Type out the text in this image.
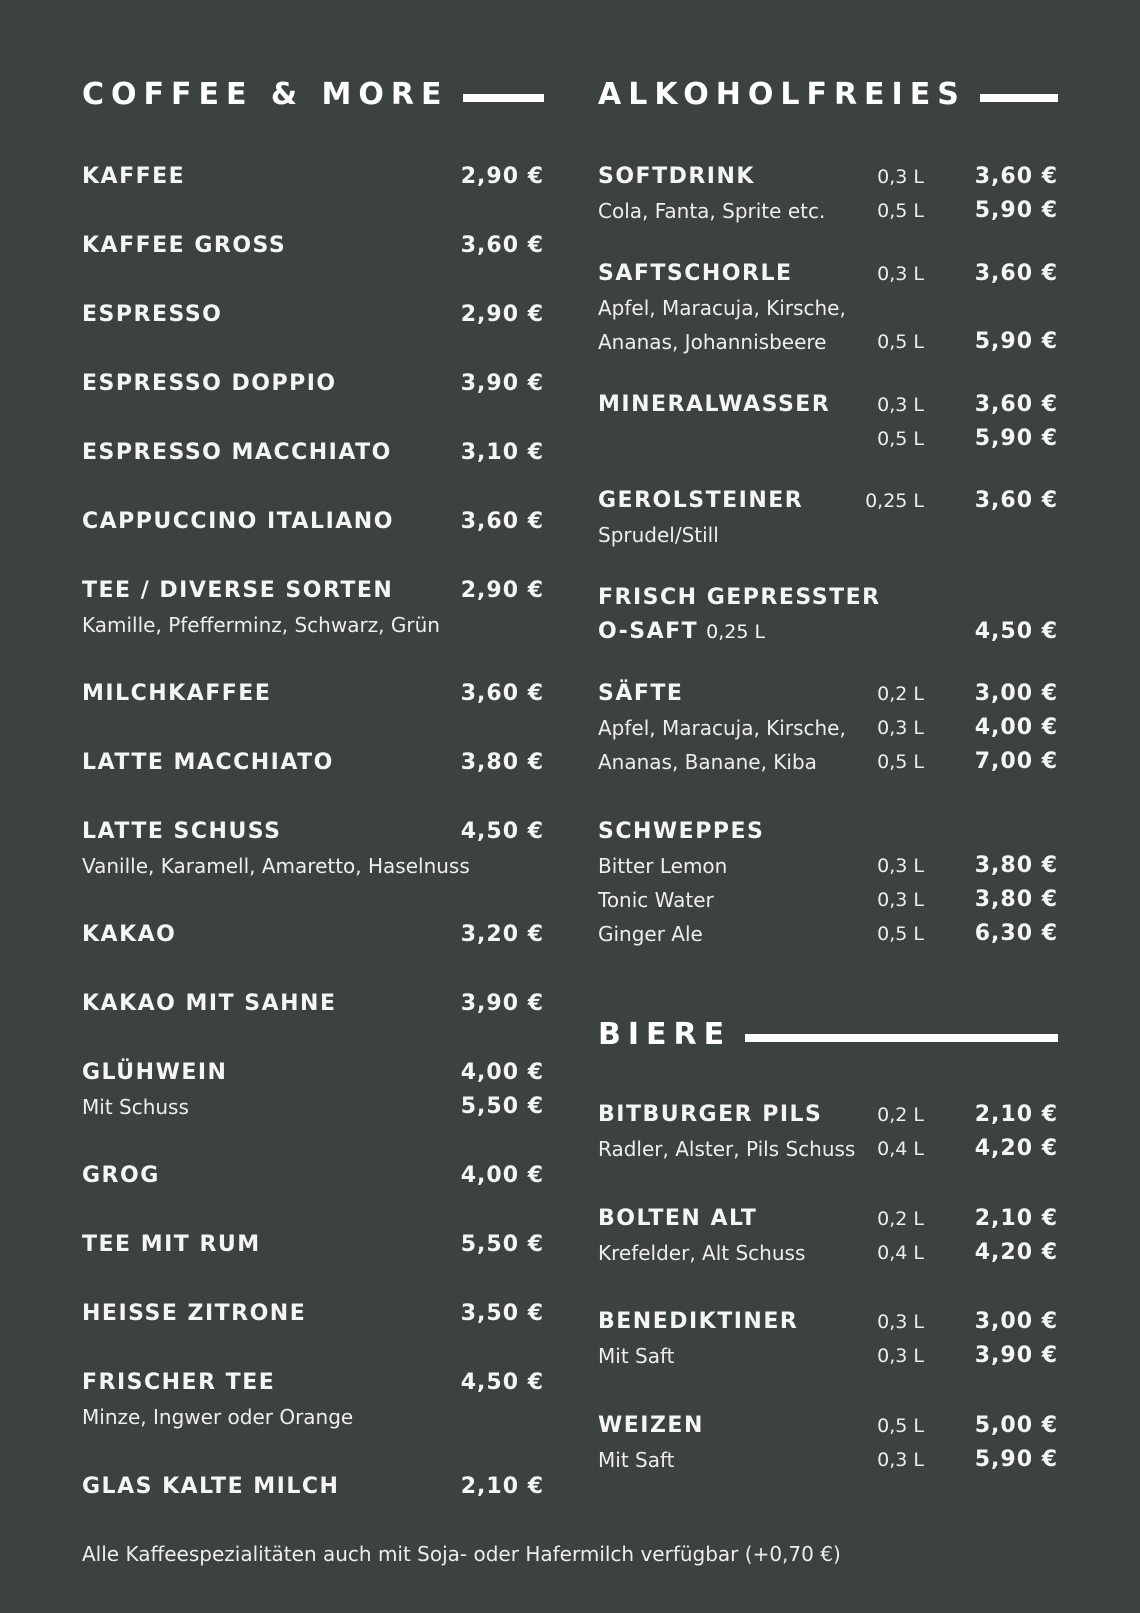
COFFEE & MORE
KAFFEE	2,90 €
KAFFEE GROSS	3,60 €
ESPRESSO	2,90 €
ESPRESSO DOPPIO	3,90 €
ESPRESSO MACCHIATO	3,10 €
CAPPUCCINO ITALIANO	3,60 €
TEE / DIVERSE SORTEN	2,90 €
Kamille, Pfefferminz, Schwarz, Grün
MILCHKAFFEE	3,60 €
LATTE MACCHIATO	3,80 €
LATTE SCHUSS	4,50 €
Vanille, Karamell, Amaretto, Haselnuss
KAKAO	3,20 €
KAKAO MIT SAHNE	3,90 €
GLÜHWEIN	4,00 €
Mit Schuss	5,50 €
GROG	4,00 €
TEE MIT RUM	5,50 €
HEISSE ZITRONE	3,50 €
FRISCHER TEE	4,50 €
Minze, Ingwer oder Orange
GLAS KALTE MILCH	2,10 €
ALKOHOLFREIES
SOFTDRINK	0,3 L 3,60 €
Cola, Fanta, Sprite etc.	0,5 L 5,90 €
SAFTSCHORLE	0,3 L 3,60 €
Apfel, Maracuja, Kirsche,
Ananas, Johannisbeere	0,5 L 5,90 €
MINERALWASSER 0,3 L 3,60 €
0,5 L 5,90 €
GEROLSTEINER	0,25 L 3,60 €
Sprudel/Still
FRISCH GEPRESSTER
O-SAFT 0,25 L	4,50 €
SÄFTE	0,2 L 3,00 €
Apfel, Maracuja, Kirsche, 0,3 L 4,00 €
Ananas, Banane, Kiba	0,5 L 7,00 €
SCHWEPPES
Bitter Lemon	0,3 L 3,80 €
Tonic Water	0,3 L 3,80 €
Ginger Ale	0,5 L 6,30 €
BIERE
BITBURGER PILS	0,2 L 2,10 €
Radler, Alster, Pils Schuss 0,4 L 4,20 €
BOLTEN ALT	0,2 L 2,10 €
Krefelder, Alt Schuss	0,4 L 4,20 €
BENEDIKTINER	0,3 L 3,00 €
Mit Saft	0,3 L 3,90 €
WEIZEN	0,5 L 5,00 €
Mit Saft	0,3 L 5,90 €
Alle Kaffeespezialitäten auch mit Soja- oder Hafermilch verfügbar (+0,70 €)
